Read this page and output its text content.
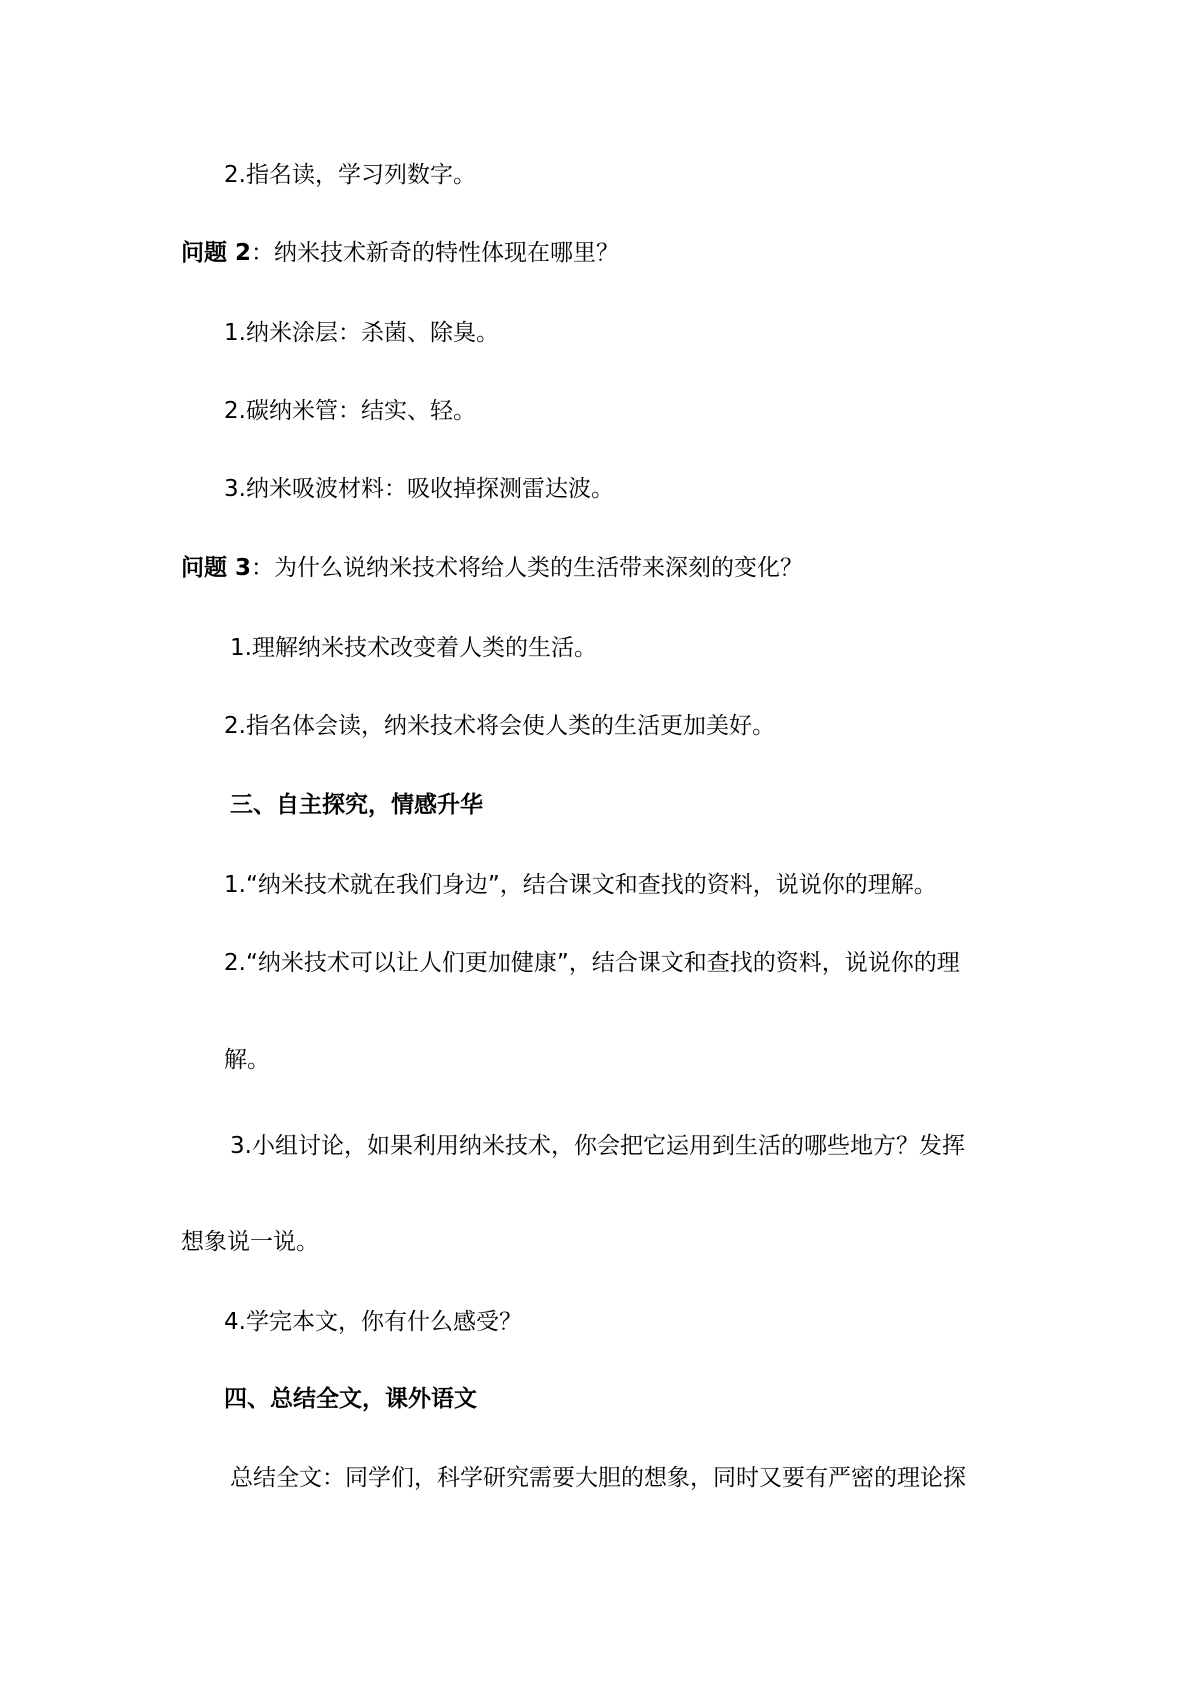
2.指名读，学习列数字。
问题 2：纳米技术新奇的特性体现在哪里？
1.纳米涂层：杀菌、除臭。
2.碳纳米管：结实、轻。
3.纳米吸波材料：吸收掉探测雷达波。
问题 3：为什么说纳米技术将给人类的生活带来深刻的变化？
1.理解纳米技术改变着人类的生活。
2.指名体会读，纳米技术将会使人类的生活更加美好。
三、自主探究，情感升华
1.“纳米技术就在我们身边”，结合课文和查找的资料，说说你的理解。
2.“纳米技术可以让人们更加健康”，结合课文和查找的资料，说说你的理
解。
3.小组讨论，如果利用纳米技术，你会把它运用到生活的哪些地方？发挥
想象说一说。
4.学完本文，你有什么感受？
四、总结全文，课外语文
总结全文：同学们，科学研究需要大胆的想象，同时又要有严密的理论探
